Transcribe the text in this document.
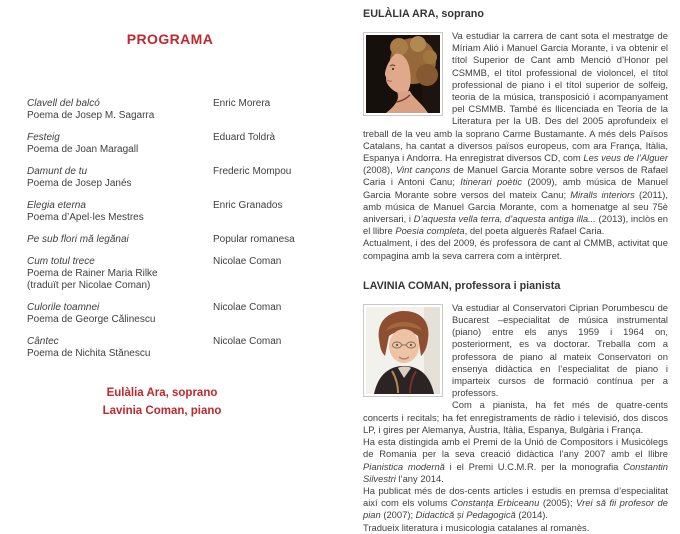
PROGRAMA
Clavell del balcó
Poema de Josep M. Sagarra
Enric Morera
Festeig
Poema de Joan Maragall
Eduard Toldrà
Damunt de tu
Poema de Josep Janés
Frederic Mompou
Elegia eterna
Poema d’Apel·les Mestres
Enric Granados
Pe sub flori mă legănai	Popular romanesa
Cum totul trece
Poema de Rainer Maria Rilke
(traduït per Nicolae Coman)
Nicolae Coman
Culorile toamnei
Poema de George Călinescu
Nicolae Coman
Cântec
Poema de Nichita Stănescu
Nicolae Coman
Eulàlia Ara, soprano
Lavinia Coman, piano
EULÀLIA ARA, soprano

Va estudiar la carrera de cant sota el mestratge de Míriam Alió i Manuel Garcia Morante, i va obtenir el títol Superior de Cant amb Menció d’Honor pel CSMMB, el títol professional de violoncel, el títol professional de piano i el títol superior de solfeig, teoria de la música, transposició i acompanyament pel CSMMB. També és llicenciada en Teoria de la Literatura per la UB. Des del 2005 aprofundeix el treball de la veu amb la soprano Carme Bustamante. A més dels Països Catalans, ha cantat a diversos països europeus, com ara França, Itàlia, Espanya i Andorra. Ha enregistrat diversos CD, com Les veus de l’Alguer (2008), Vint cançons de Manuel Garcia Morante sobre versos de Rafael Caria i Antoni Canu; Itinerari poètic (2009), amb música de Manuel Garcia Morante sobre versos del mateix Canu; Miralls interiors (2011), amb música de Manuel Garcia Morante, com a homenatge al seu 75è aniversari, i D’aquesta vella terra, d’aquesta antiga illa... (2013), inclòs en el llibre Poesia completa, del poeta alguerès Rafael Caria.

Actualment, i des del 2009, és professora de cant al CMMB, activitat que compagina amb la seva carrera com a intèrpret.

LAVINIA COMAN, professora i pianista

Va estudiar al Conservatori Ciprian Porumbescu de Bucarest –especialitat de música instrumental (piano) entre els anys 1959 i 1964 on, posteriorment, es va doctorar. Treballa com a professora de piano al mateix Conservatori on ensenya didàctica en l’especialitat de piano i imparteix cursos de formació contínua per a professors.

Com a pianista, ha fet més de quatre-cents concerts i recitals; ha fet enregistraments de ràdio i televisió, dos discos LP, i gires per Alemanya, Àustria, Itàlia, Espanya, Bulgària i França.

Ha esta distingida amb el Premi de la Unió de Compositors i Musicòlegs de Romania per la seva creació didàctica l’any 2007 amb el llibre Pianistica modernă i el Premi U.C.M.R. per la monografia Constantin Silvestri l’any 2014.

Ha publicat més de dos-cents articles i estudis en premsa d’especialitat així com els volums Constanța Erbiceanu (2005); Vrei să fii profesor de pian (2007); Didactică și Pedagogică (2014).

Tradueix literatura i musicologia catalanes al romanès.
